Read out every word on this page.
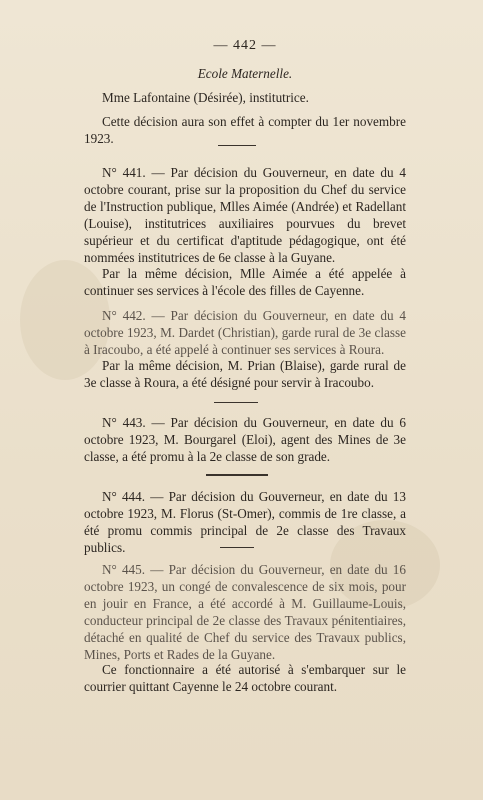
— 442 —
Ecole Maternelle.

Mme Lafontaine (Désirée), institutrice.

Cette décision aura son effet à compter du 1er novembre 1923.

N° 441. — Par décision du Gouverneur, en date du 4 octobre courant, prise sur la proposition du Chef du service de l'Instruction publique, Mlles Aimée (Andrée) et Radellant (Louise), institutrices auxiliaires pourvues du brevet supérieur et du certificat d'aptitude pédagogique, ont été nommées institutrices de 6e classe à la Guyane.

Par la même décision, Mlle Aimée a été appelée à continuer ses services à l'école des filles de Cayenne.

N° 442. — Par décision du Gouverneur, en date du 4 octobre 1923, M. Dardet (Christian), garde rural de 3e classe à Iracoubo, a été appelé à continuer ses services à Roura.

Par la même décision, M. Prian (Blaise), garde rural de 3e classe à Roura, a été désigné pour servir à Iracoubo.

N° 443. — Par décision du Gouverneur, en date du 6 octobre 1923, M. Bourgarel (Eloi), agent des Mines de 3e classe, a été promu à la 2e classe de son grade.

N° 444. — Par décision du Gouverneur, en date du 13 octobre 1923, M. Florus (St-Omer), commis de 1re classe, a été promu commis principal de 2e classe des Travaux publics.

N° 445. — Par décision du Gouverneur, en date du 16 octobre 1923, un congé de convalescence de six mois, pour en jouir en France, a été accordé à M. Guillaume-Louis, conducteur principal de 2e classe des Travaux pénitentiaires, détaché en qualité de Chef du service des Travaux publics, Mines, Ports et Rades de la Guyane.

Ce fonctionnaire a été autorisé à s'embarquer sur le courrier quittant Cayenne le 24 octobre courant.
